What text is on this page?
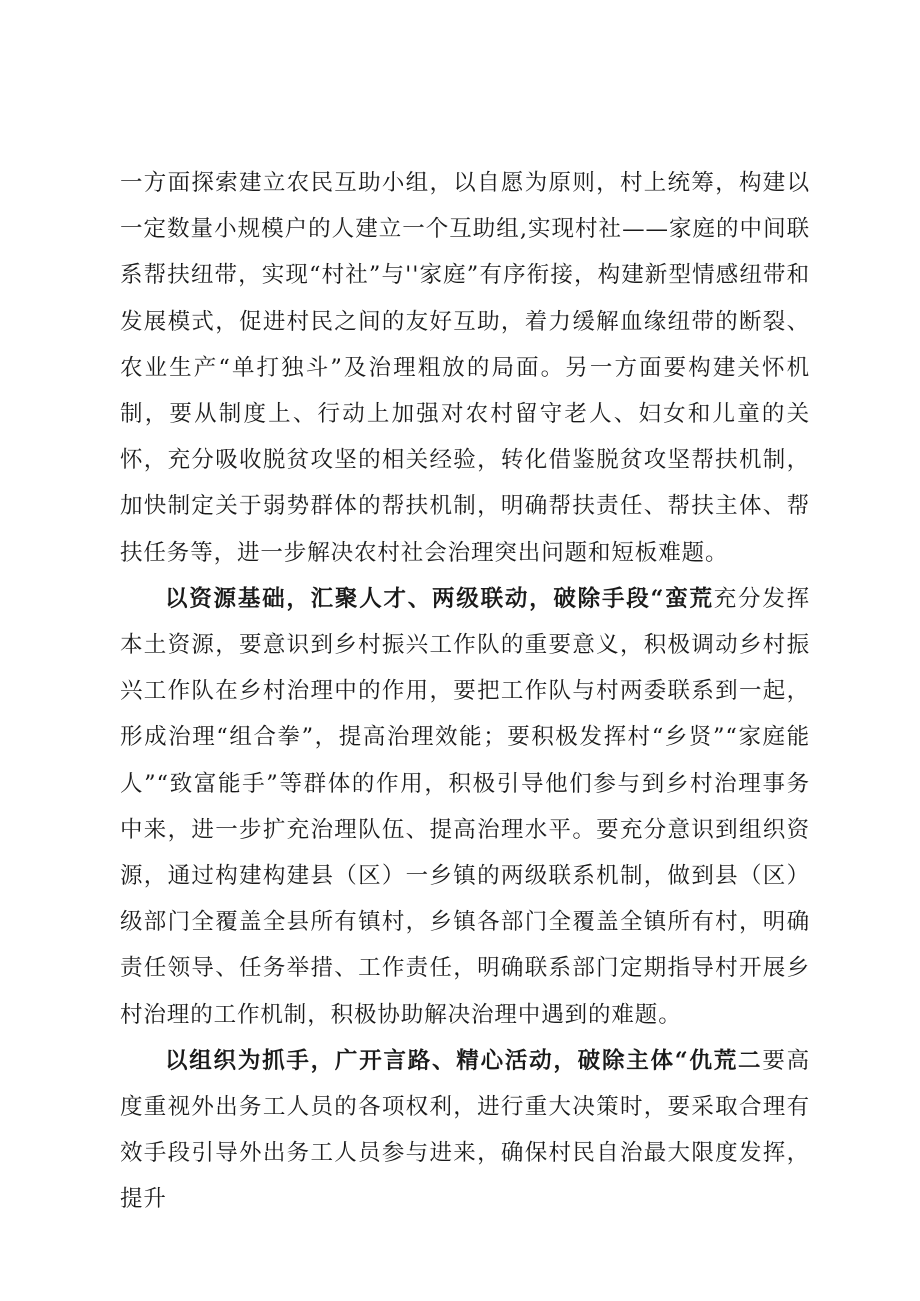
一方面探索建立农民互助小组，以自愿为原则，村上统筹，构建以一定数量小规模户的人建立一个互助组,实现村社——家庭的中间联系帮扶纽带，实现“村社”与''家庭”有序衔接，构建新型情感纽带和发展模式，促进村民之间的友好互助，着力缓解血缘纽带的断裂、农业生产“单打独斗”及治理粗放的局面。另一方面要构建关怀机制，要从制度上、行动上加强对农村留守老人、妇女和儿童的关怀，充分吸收脱贫攻坚的相关经验，转化借鉴脱贫攻坚帮扶机制，加快制定关于弱势群体的帮扶机制，明确帮扶责任、帮扶主体、帮扶任务等，进一步解决农村社会治理突出问题和短板难题。

以资源基础，汇聚人才、两级联动，破除手段“蛮荒充分发挥本土资源，要意识到乡村振兴工作队的重要意义，积极调动乡村振兴工作队在乡村治理中的作用，要把工作队与村两委联系到一起，形成治理“组合拳”，提高治理效能；要积极发挥村“乡贤”“家庭能人”“致富能手”等群体的作用，积极引导他们参与到乡村治理事务中来，进一步扩充治理队伍、提高治理水平。要充分意识到组织资源，通过构建构建县（区）一乡镇的两级联系机制，做到县（区）级部门全覆盖全县所有镇村，乡镇各部门全覆盖全镇所有村，明确责任领导、任务举措、工作责任，明确联系部门定期指导村开展乡村治理的工作机制，积极协助解决治理中遇到的难题。

以组织为抓手，广开言路、精心活动，破除主体“仇荒二要高度重视外出务工人员的各项权利，进行重大决策时，要采取合理有效手段引导外出务工人员参与进来，确保村民自治最大限度发挥，提升
